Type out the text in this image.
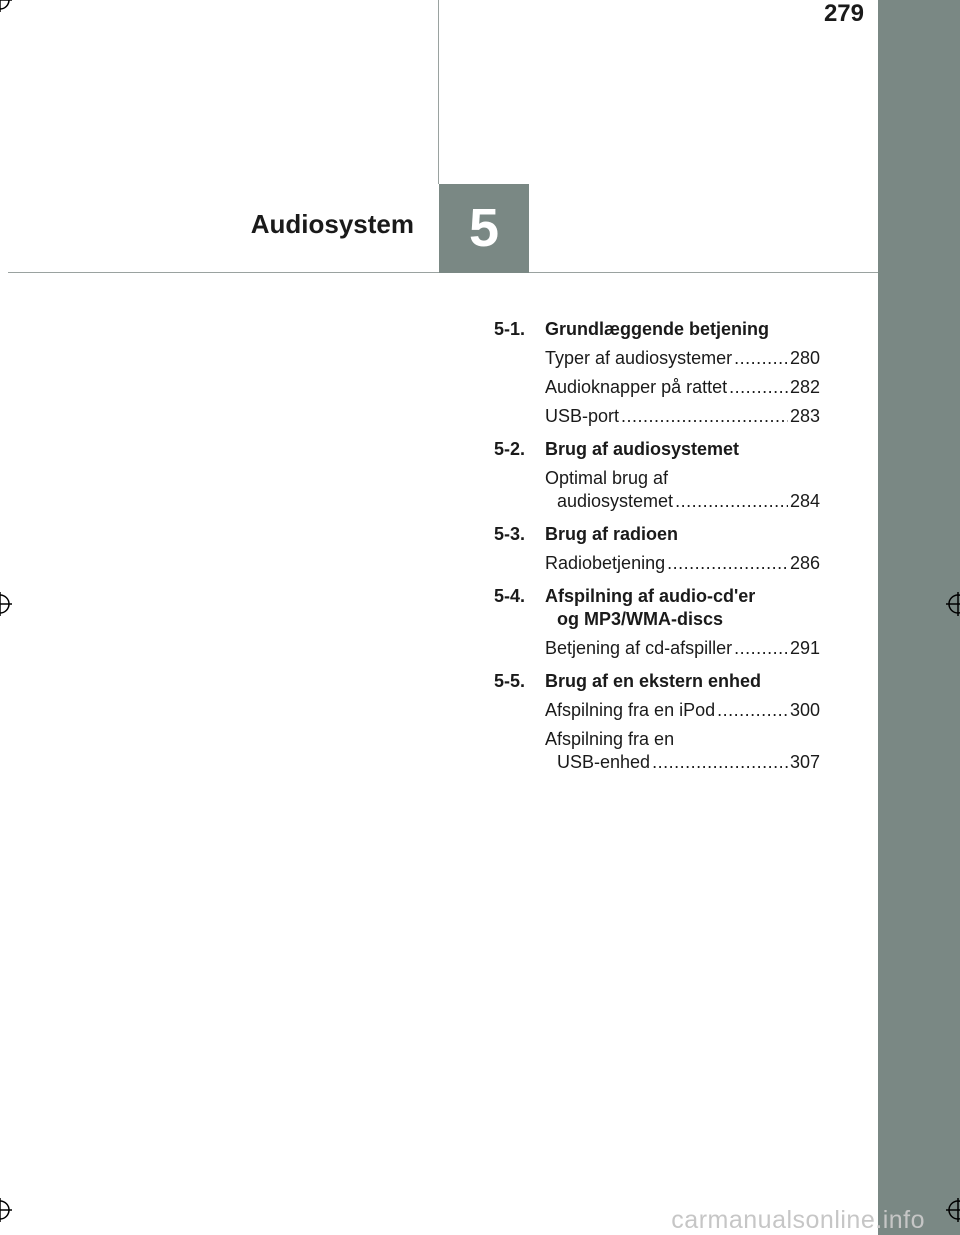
279
5
Audiosystem
5-1.	Grundlæggende betjening
Typer af audiosystemer .....	280
Audioknapper på rattet .....	282
USB-port .....	283
5-2.	Brug af audiosystemet
Optimal brug af
audiosystemet .....	284
5-3.	Brug af radioen
Radiobetjening .....	286
5-4.	Afspilning af audio-cd'er
og MP3/WMA-discs
Betjening af cd-afspiller .....	291
5-5.	Brug af en ekstern enhed
Afspilning fra en iPod .....	300
Afspilning fra en
USB-enhed .....	307
carmanualsonline.info
